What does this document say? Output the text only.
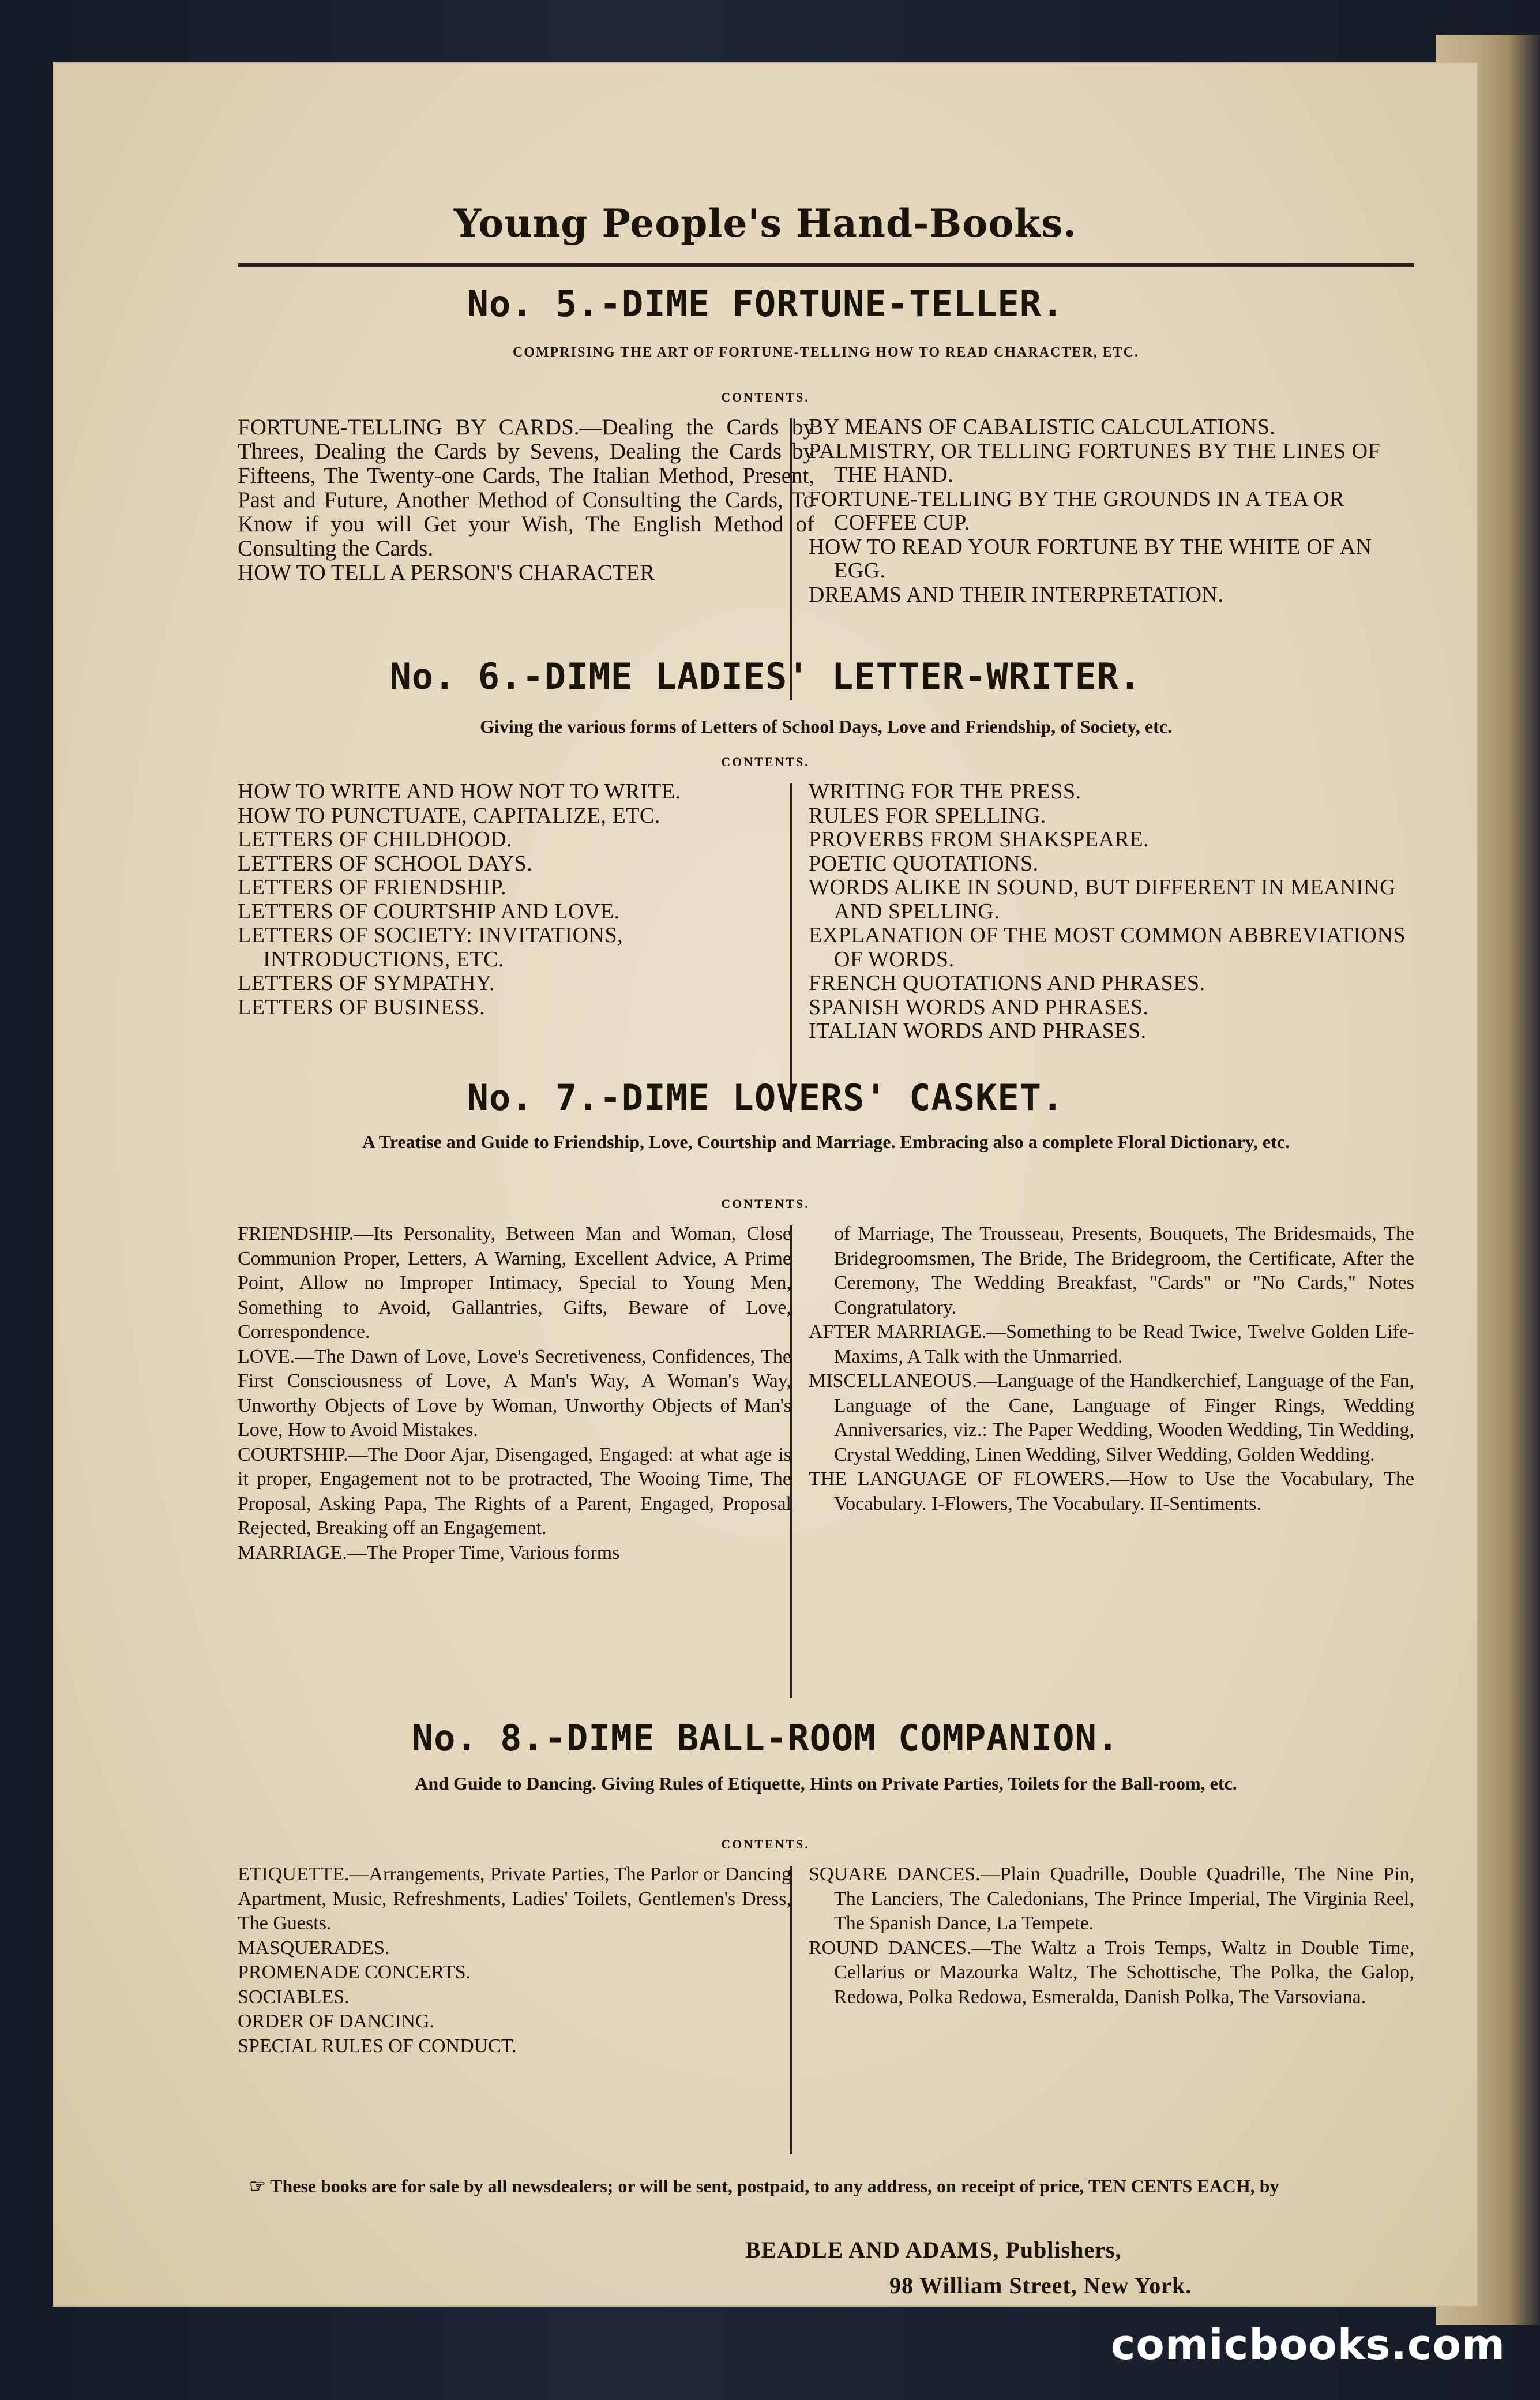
Young People's Hand-Books.
No. 5.-DIME FORTUNE-TELLER.
COMPRISING THE ART OF FORTUNE-TELLING HOW TO READ CHARACTER, ETC.
CONTENTS.

FORTUNE-TELLING BY CARDS.—Dealing the Cards by Threes, Dealing the Cards by Sevens, Dealing the Cards by Fifteens, The Twenty-one Cards, The Italian Method, Present, Past and Future, Another Method of Consulting the Cards, To Know if you will Get your Wish, The English Method of Consulting the Cards.

HOW TO TELL A PERSON'S CHARACTER

BY MEANS OF CABALISTIC CALCULATIONS.

PALMISTRY, OR TELLING FORTUNES BY THE LINES OF THE HAND.

FORTUNE-TELLING BY THE GROUNDS IN A TEA OR COFFEE CUP.

HOW TO READ YOUR FORTUNE BY THE WHITE OF AN EGG.

DREAMS AND THEIR INTERPRETATION.

No. 6.-DIME LADIES' LETTER-WRITER.
Giving the various forms of Letters of School Days, Love and Friendship, of Society, etc.
CONTENTS.

HOW TO WRITE AND HOW NOT TO WRITE.

HOW TO PUNCTUATE, CAPITALIZE, ETC.

LETTERS OF CHILDHOOD.

LETTERS OF SCHOOL DAYS.

LETTERS OF FRIENDSHIP.

LETTERS OF COURTSHIP AND LOVE.

LETTERS OF SOCIETY: INVITATIONS, INTRODUCTIONS, ETC.

LETTERS OF SYMPATHY.

LETTERS OF BUSINESS.

WRITING FOR THE PRESS.

RULES FOR SPELLING.

PROVERBS FROM SHAKSPEARE.

POETIC QUOTATIONS.

WORDS ALIKE IN SOUND, BUT DIFFERENT IN MEANING AND SPELLING.

EXPLANATION OF THE MOST COMMON ABBREVIATIONS OF WORDS.

FRENCH QUOTATIONS AND PHRASES.

SPANISH WORDS AND PHRASES.

ITALIAN WORDS AND PHRASES.

No. 7.-DIME LOVERS' CASKET.
A Treatise and Guide to Friendship, Love, Courtship and Marriage. Embracing also a complete Floral Dictionary, etc.
CONTENTS.

FRIENDSHIP.—Its Personality, Between Man and Woman, Close Communion Proper, Letters, A Warning, Excellent Advice, A Prime Point, Allow no Improper Intimacy, Special to Young Men, Something to Avoid, Gallantries, Gifts, Beware of Love, Correspondence.

LOVE.—The Dawn of Love, Love's Secretiveness, Confidences, The First Consciousness of Love, A Man's Way, A Woman's Way, Unworthy Objects of Love by Woman, Unworthy Objects of Man's Love, How to Avoid Mistakes.

COURTSHIP.—The Door Ajar, Disengaged, Engaged: at what age is it proper, Engagement not to be protracted, The Wooing Time, The Proposal, Asking Papa, The Rights of a Parent, Engaged, Proposal Rejected, Breaking off an Engagement.

MARRIAGE.—The Proper Time, Various forms

of Marriage, The Trousseau, Presents, Bouquets, The Bridesmaids, The Bridegroomsmen, The Bride, The Bridegroom, the Certificate, After the Ceremony, The Wedding Breakfast, "Cards" or "No Cards," Notes Congratulatory.

AFTER MARRIAGE.—Something to be Read Twice, Twelve Golden Life-Maxims, A Talk with the Unmarried.

MISCELLANEOUS.—Language of the Handkerchief, Language of the Fan, Language of the Cane, Language of Finger Rings, Wedding Anniversaries, viz.: The Paper Wedding, Wooden Wedding, Tin Wedding, Crystal Wedding, Linen Wedding, Silver Wedding, Golden Wedding.

THE LANGUAGE OF FLOWERS.—How to Use the Vocabulary, The Vocabulary. I-Flowers, The Vocabulary. II-Sentiments.

No. 8.-DIME BALL-ROOM COMPANION.
And Guide to Dancing. Giving Rules of Etiquette, Hints on Private Parties, Toilets for the Ball-room, etc.
CONTENTS.

ETIQUETTE.—Arrangements, Private Parties, The Parlor or Dancing Apartment, Music, Refreshments, Ladies' Toilets, Gentlemen's Dress, The Guests.

MASQUERADES.

PROMENADE CONCERTS.

SOCIABLES.

ORDER OF DANCING.

SPECIAL RULES OF CONDUCT.

SQUARE DANCES.—Plain Quadrille, Double Quadrille, The Nine Pin, The Lanciers, The Caledonians, The Prince Imperial, The Virginia Reel, The Spanish Dance, La Tempete.

ROUND DANCES.—The Waltz a Trois Temps, Waltz in Double Time, Cellarius or Mazourka Waltz, The Schottische, The Polka, the Galop, Redowa, Polka Redowa, Esmeralda, Danish Polka, The Varsoviana.

☞ These books are for sale by all newsdealers; or will be sent, postpaid, to any address, on receipt of price, TEN CENTS EACH, by
BEADLE AND ADAMS, Publishers,
98 William Street, New York.
comicbooks.com
